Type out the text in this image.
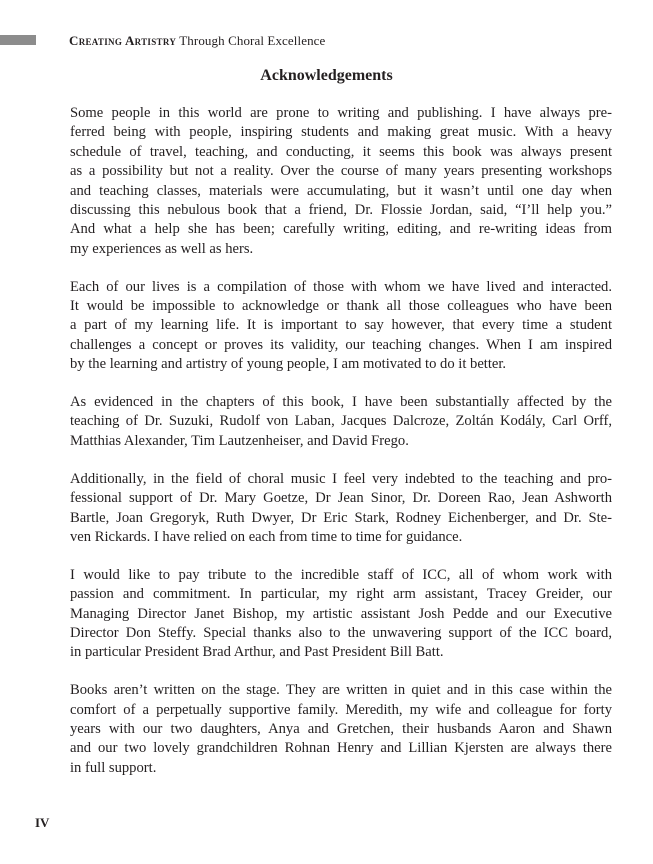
Creating Artistry Through Choral Excellence
Acknowledgements
Some people in this world are prone to writing and publishing. I have always pre-
ferred being with people, inspiring students and making great music. With a heavy
schedule of travel, teaching, and conducting, it seems this book was always present
as a possibility but not a reality. Over the course of many years presenting workshops
and teaching classes, materials were accumulating, but it wasn’t until one day when
discussing this nebulous book that a friend, Dr. Flossie Jordan, said, “I’ll help you.”
And what a help she has been; carefully writing, editing, and re-writing ideas from
my experiences as well as hers.
Each of our lives is a compilation of those with whom we have lived and interacted.
It would be impossible to acknowledge or thank all those colleagues who have been
a part of my learning life. It is important to say however, that every time a student
challenges a concept or proves its validity, our teaching changes. When I am inspired
by the learning and artistry of young people, I am motivated to do it better.
As evidenced in the chapters of this book, I have been substantially affected by the
teaching of Dr. Suzuki, Rudolf von Laban, Jacques Dalcroze, Zoltán Kodály, Carl Orff,
Matthias Alexander, Tim Lautzenheiser, and David Frego.
Additionally, in the field of choral music I feel very indebted to the teaching and pro-
fessional support of Dr. Mary Goetze, Dr Jean Sinor, Dr. Doreen Rao, Jean Ashworth
Bartle, Joan Gregoryk, Ruth Dwyer, Dr Eric Stark, Rodney Eichenberger, and Dr. Ste-
ven Rickards. I have relied on each from time to time for guidance.
I would like to pay tribute to the incredible staff of ICC, all of whom work with
passion and commitment. In particular, my right arm assistant, Tracey Greider, our
Managing Director Janet Bishop, my artistic assistant Josh Pedde and our Executive
Director Don Steffy. Special thanks also to the unwavering support of the ICC board,
in particular President Brad Arthur, and Past President Bill Batt.
Books aren’t written on the stage. They are written in quiet and in this case within the
comfort of a perpetually supportive family. Meredith, my wife and colleague for forty
years with our two daughters, Anya and Gretchen, their husbands Aaron and Shawn
and our two lovely grandchildren Rohnan Henry and Lillian Kjersten are always there
in full support.
IV
